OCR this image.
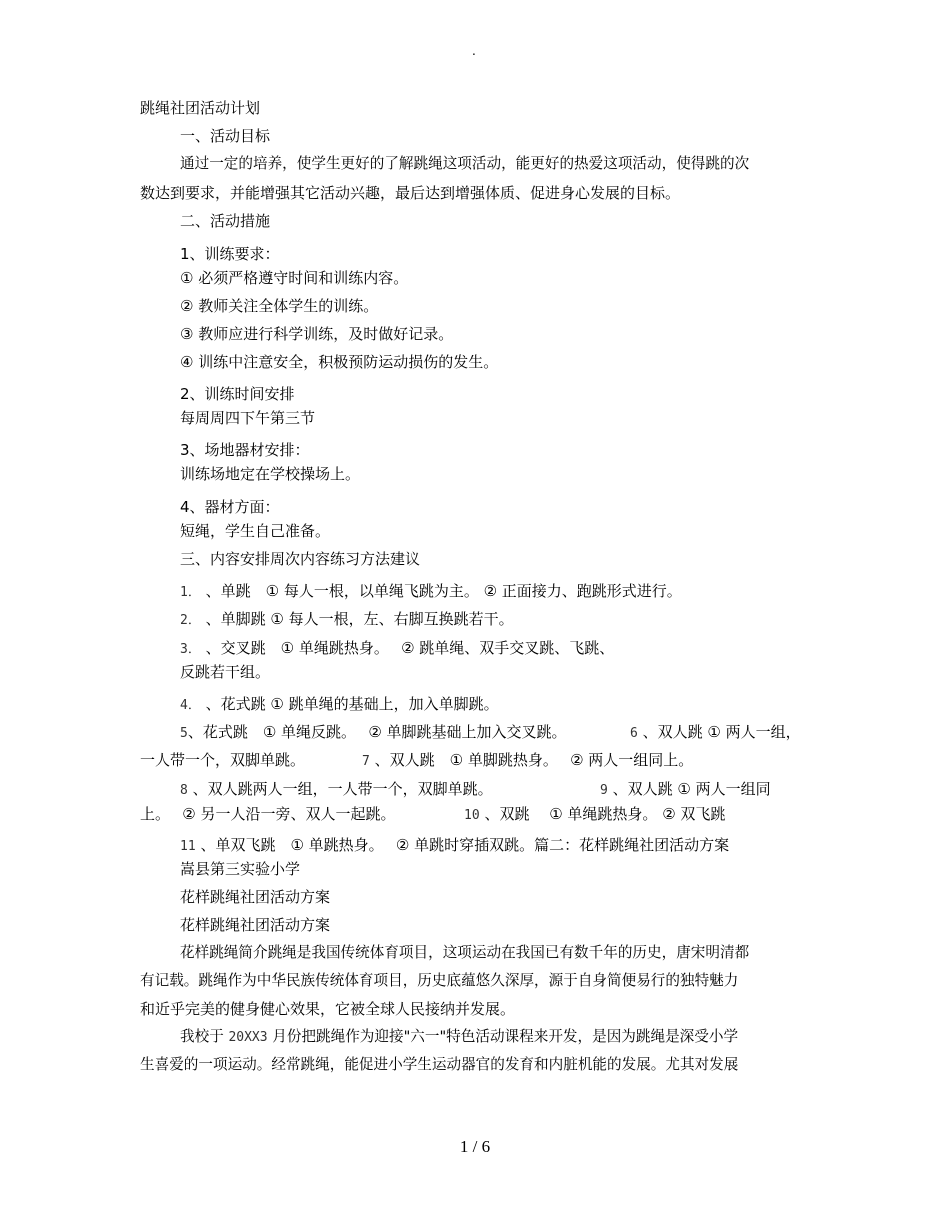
.
跳绳社团活动计划
一、活动目标
通过一定的培养，使学生更好的了解跳绳这项活动，能更好的热爱这项活动，使得跳的次
数达到要求，并能增强其它活动兴趣，最后达到增强体质、促进身心发展的目标。
二、活动措施
1、训练要求：
① 必须严格遵守时间和训练内容。
② 教师关注全体学生的训练。
③ 教师应进行科学训练，及时做好记录。
④ 训练中注意安全，积极预防运动损伤的发生。
2、训练时间安排
每周周四下午第三节
3、场地器材安排：
训练场地定在学校操场上。
4、器材方面：
短绳，学生自己准备。
三、内容安排周次内容练习方法建议
1． 、单跳　① 每人一根，以单绳飞跳为主。 ② 正面接力、跑跳形式进行。
2． 、单脚跳 ① 每人一根，左、右脚互换跳若干。
3． 、交叉跳　① 单绳跳热身。　 ② 跳单绳、双手交叉跳、飞跳、
反跳若干组。
4． 、花式跳 ① 跳单绳的基础上，加入单脚跳。
5、花式跳　① 单绳反跳。　 ② 单脚跳基础上加入交叉跳。	6 、双人跳 ① 两人一组，
一人带一个，双脚单跳。	7 、双人跳　① 单脚跳热身。　 ② 两人一组同上。
8 、双人跳两人一组，一人带一个，双脚单跳。	9 、双人跳 ① 两人一组同
上。　 ② 另一人沿一旁、双人一起跳。	10 、双跳　 ① 单绳跳热身。 ② 双飞跳
11 、单双飞跳　① 单跳热身。　 ② 单跳时穿插双跳。篇二：花样跳绳社团活动方案
嵩县第三实验小学
花样跳绳社团活动方案
花样跳绳社团活动方案
花样跳绳简介跳绳是我国传统体育项目，这项运动在我国已有数千年的历史，唐宋明清都
有记载。跳绳作为中华民族传统体育项目，历史底蕴悠久深厚，源于自身简便易行的独特魅力
和近乎完美的健身健心效果，它被全球人民接纳并发展。
我校于 20XX3 月份把跳绳作为迎接"六一"特色活动课程来开发，是因为跳绳是深受小学
生喜爱的一项运动。经常跳绳，能促进小学生运动器官的发育和内脏机能的发展。尤其对发展
1 / 6
